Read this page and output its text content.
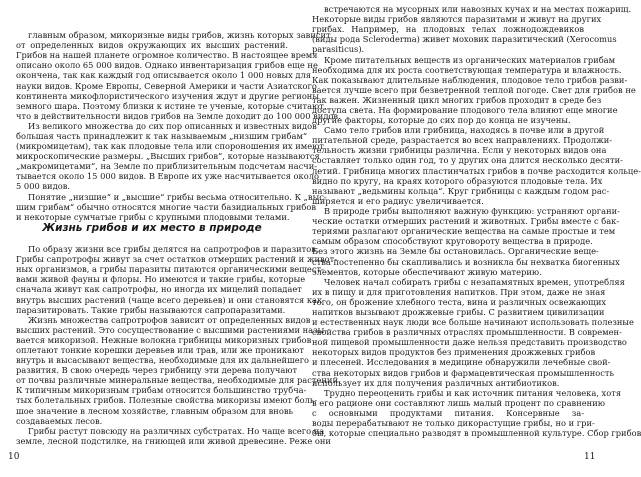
главным образом, микоризные виды грибов, жизнь которых зависит
от определенных видов окружающих их высших растений.
Грибов на нашей планете огромное количество. В настоящее время
описано около 65 000 видов. Однако инвентаризация грибов еще не
окончена, так как каждый год описывается около 1 000 новых для
науки видов. Кроме Европы, Северной Америки и части Азиатского
континента микофлористического изучения ждут и другие регионы
земного шара. Поэтому близки к истине те ученые, которые считают,
что в действительности видов грибов на Земле доходит до 100 000 видов.
Из великого множества до сих пор описанных и известных видов
большая часть принадлежит к так называемым „низшим грибам“
(микромицетам), так как плодовые тела или спороношения их имеют
микроскопические размеры. „Высших грибов“, которые называются
„макромицетами“, на Земле по приблизительным подсчетам насчи-
тывается около 15 000 видов. В Европе их уже насчитывается около
5 000 видов.
Понятие „низшие“ и „высшие“ грибы весьма относительно. К „выс-
шим грибам“ обычно относятся многие части базидиальных грибов
и некоторые сумчатые грибы с крупными плодовыми телами.
Жизнь грибов и их место в природе
По образу жизни все грибы делятся на сапротрофов и паразитов.
Грибы сапротрофы живут за счет остатков отмерших растений и живот-
ных организмов, а грибы паразиты питаются органическими вещест-
вами живой фауны и флоры. Но имеются и такие грибы, которые
сначала живут как сапротрофы, но иногда их мицелий попадает
внутрь высших растений (чаще всего деревьев) и они становятся как
паразитировать. Такие грибы называются сапропаразитами.
Жизнь множества сапротрофов зависит от определенных видов
высших растений. Это сосуществование с высшими растениями назы-
вается микоризой. Нежные волокна грибницы микоризных грибов
оплетают тонкие корешки деревьев или трав, или же проникают
внутрь и высасывают вещества, необходимые для их дальнейшего
развития. В свою очередь через грибницу эти дерева получают
от почвы различные минеральные вещества, необходимые для растений.
К типичным микоризным грибам относится большинство трубча-
тых болетальных грибов. Полезные свойства микоризы имеют боль-
шое значение в лесном хозяйстве, главным образом для вновь
создаваемых лесов.
Грибы растут повсюду на различных субстратах. Но чаще всего на
земле, лесной подстилке, на гниющей или живой древесине. Реже они
10
встречаются на мусорных или навозных кучах и на местах пожарищ.
Некоторые виды грибов являются паразитами и живут на других
грибах. Например, на плодовых телах ложнодождевиков
(виды рода Scleroderma) живет моховик паразитический (Xerocomus
parasiticus).
Кроме питательных веществ из органических материалов грибам
необходима для их роста соответствующая температура и влажность.
Как показывают длительные наблюдения, плодовое тело грибов разви-
вается лучше всего при безветренной теплой погоде. Свет для грибов не
так важен. Жизненный цикл многих грибов проходит в среде без
доступа света. На формирование плодового тела влияют еще многие
другие факторы, которые до сих пор до конца не изучены.
Само тело грибов или грибница, находясь в почве или в другой
питательной среде, разрастается во всех направлениях. Продолжи-
тельность жизни грибницы различна. Если у некоторых видов она
составляет только один год, то у других она длится несколько десяти-
летий. Грибница многих пластинчатых грибов в почве расходится кольце-
видно по кругу, на краях которого образуются плодовые тела. Их
называют „ведьмины кольца“. Круг грибницы с каждым годом рас-
ширяется и его радиус увеличивается.
В природе грибы выполняют важную функцию: устраняют органи-
ческие остатки отмерших растений и животных. Грибы вместе с бак-
териями разлагают органические вещества на самые простые и тем
самым образом способствуют круговороту вещества в природе.
Без этого жизнь на Земле бы остановилась. Органические веще-
ства постепенно бы скапливались и возникла бы нехватка биогенных
элементов, которые обеспечивают живую материю.
Человек начал собирать грибы с незапамятных времен, употребляя
их в пищу и для приготовления напитков. При этом, даже не зная
того, он брожение хлебного теста, вина и различных освежающих
напитков вызывают дрожжевые грибы. С развитием цивилизации
и естественных наук люди все больше начинают использовать полезные
свойства грибов в различных отраслях промышленности. В современ-
ной пищевой промышленности даже нельзя представить производство
некоторых видов продуктов без применения дрожжевых грибов
и плесеней. Исследования в медицине обнаружили лечебные свой-
ства некоторых видов грибов и фармацевтическая промышленность
использует их для получения различных антибиотиков.
Трудно переоценить грибы и как источник питания человека, хотя
в его рационе они составляют лишь малый процент по сравнению
с основными продуктами питания. Консервные за-
воды перерабатывают не только дикорастущие грибы, но и гри-
бы, которые специально разводят в промышленной культуре. Сбор грибов
11
